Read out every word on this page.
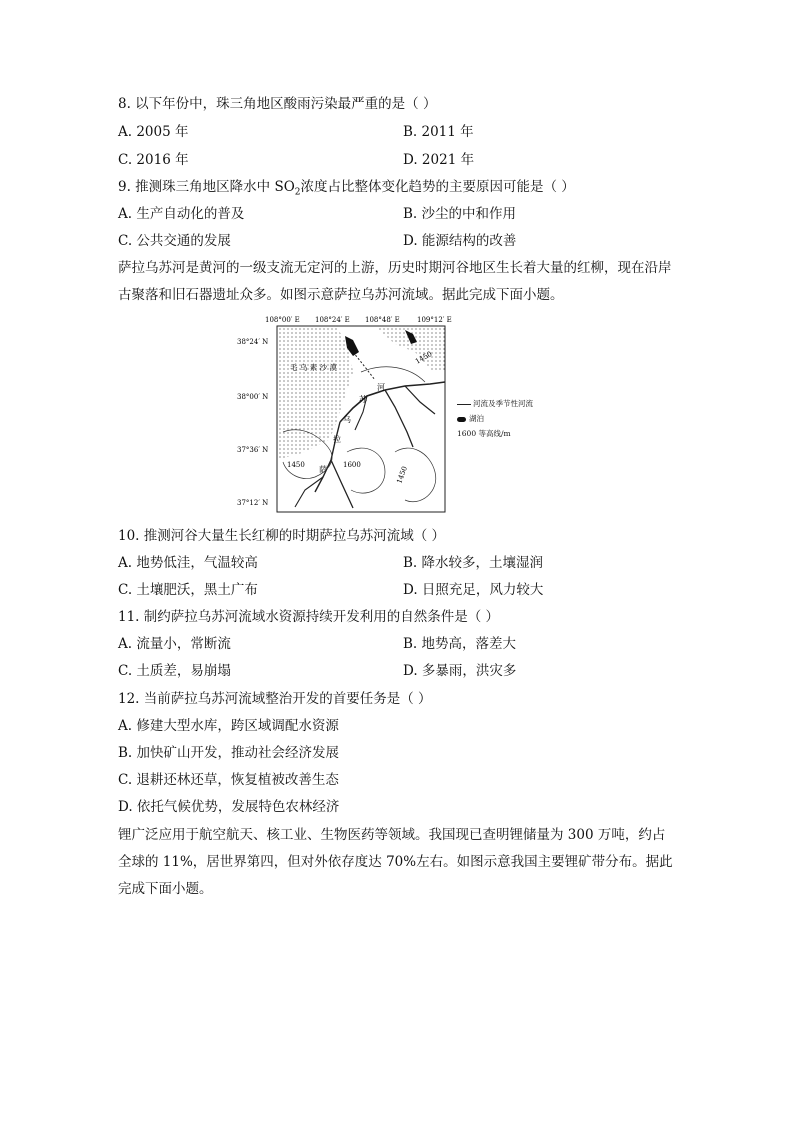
8. 以下年份中，珠三角地区酸雨污染最严重的是（ ）
A. 2005 年	B. 2011 年
C. 2016 年	D. 2021 年
9. 推测珠三角地区降水中 $SO_2$浓度占比整体变化趋势的主要原因可能是（ ）
A. 生产自动化的普及	B. 沙尘的中和作用
C. 公共交通的发展	D. 能源结构的改善
萨拉乌苏河是黄河的一级支流无定河的上游，历史时期河谷地区生长着大量的红柳，现在沿岸古聚落和旧石器遗址众多。如图示意萨拉乌苏河流域。据此完成下面小题。
108°00′ E 108°24′ E 108°48′ E 109°12′ E
38°24′ N
38°00′ N
37°36′ N
37°12′ N
毛 乌 素 沙 漠
1450	1600
1450
1450
河
苏
乌
拉
萨
河流及季节性河流
湖泊
1600 等高线/m
10. 推测河谷大量生长红柳的时期萨拉乌苏河流域（ ）
A. 地势低洼，气温较高	B. 降水较多，土壤湿润
C. 土壤肥沃，黑土广布	D. 日照充足，风力较大
11. 制约萨拉乌苏河流域水资源持续开发利用的自然条件是（ ）
A. 流量小，常断流	B. 地势高，落差大
C. 土质差，易崩塌	D. 多暴雨，洪灾多
12. 当前萨拉乌苏河流域整治开发的首要任务是（ ）
A. 修建大型水库，跨区域调配水资源
B. 加快矿山开发，推动社会经济发展
C. 退耕还林还草，恢复植被改善生态
D. 依托气候优势，发展特色农林经济
锂广泛应用于航空航天、核工业、生物医药等领域。我国现已查明锂储量为 300 万吨，约占全球的 11%，居世界第四，但对外依存度达 70%左右。如图示意我国主要锂矿带分布。据此完成下面小题。
